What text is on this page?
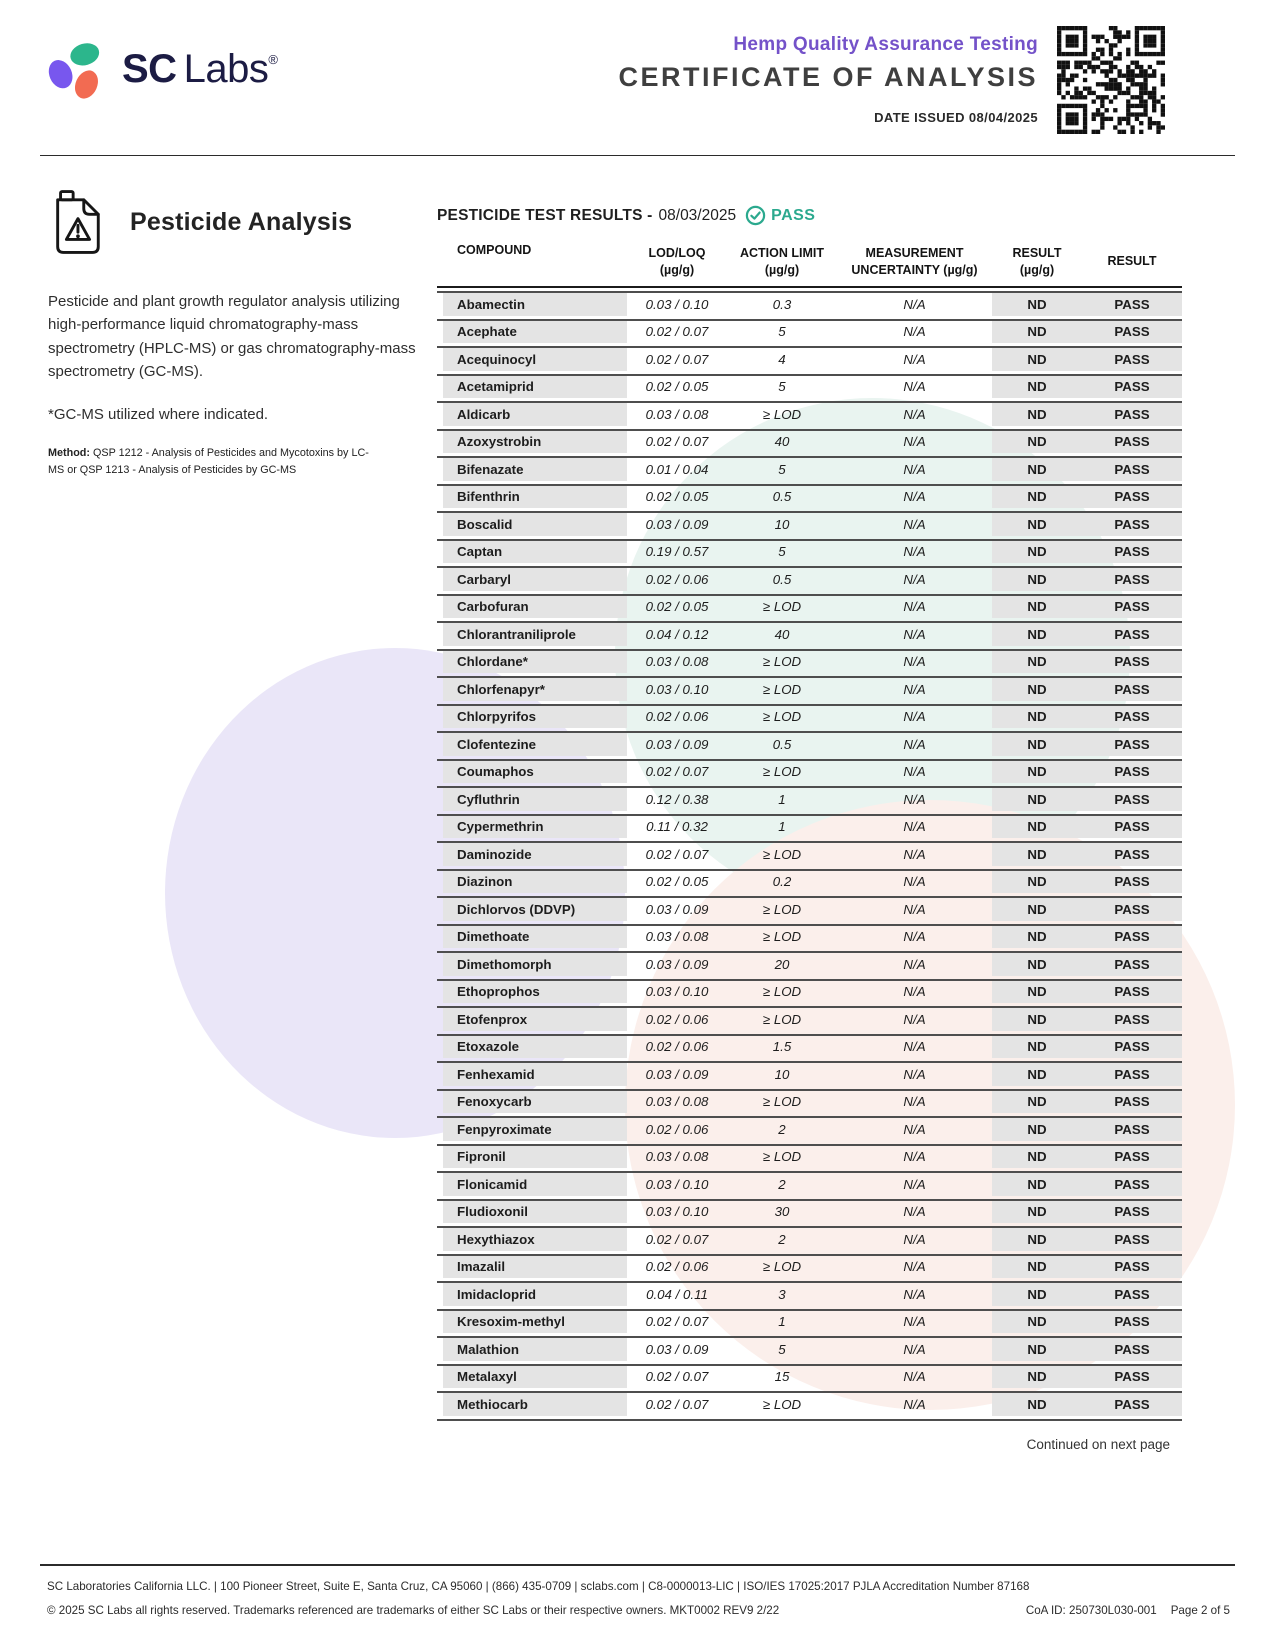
SC Labs®
Hemp Quality Assurance Testing
CERTIFICATE OF ANALYSIS
DATE ISSUED 08/04/2025
Pesticide Analysis

Pesticide and plant growth regulator analysis utilizing high-performance liquid chromatography-mass spectrometry (HPLC-MS) or gas chromatography-mass spectrometry (GC-MS).

*GC-MS utilized where indicated.

Method: QSP 1212 - Analysis of Pesticides and Mycotoxins by LC-MS or QSP 1213 - Analysis of Pesticides by GC-MS

PESTICIDE TEST RESULTS - 08/03/2025 PASS
COMPOUND	LOD/LOQ
(µg/g)
ACTION LIMIT
(µg/g)
MEASUREMENT
UNCERTAINTY (µg/g)
RESULT
(µg/g)
RESULT
Abamectin	0.03 / 0.10	0.3	N/A	ND	PASS
Acephate	0.02 / 0.07	5	N/A	ND	PASS
Acequinocyl	0.02 / 0.07	4	N/A	ND	PASS
Acetamiprid	0.02 / 0.05	5	N/A	ND	PASS
Aldicarb	0.03 / 0.08	≥ LOD	N/A	ND	PASS
Azoxystrobin	0.02 / 0.07	40	N/A	ND	PASS
Bifenazate	0.01 / 0.04	5	N/A	ND	PASS
Bifenthrin	0.02 / 0.05	0.5	N/A	ND	PASS
Boscalid	0.03 / 0.09	10	N/A	ND	PASS
Captan	0.19 / 0.57	5	N/A	ND	PASS
Carbaryl	0.02 / 0.06	0.5	N/A	ND	PASS
Carbofuran	0.02 / 0.05	≥ LOD	N/A	ND	PASS
Chlorantraniliprole	0.04 / 0.12	40	N/A	ND	PASS
Chlordane*	0.03 / 0.08	≥ LOD	N/A	ND	PASS
Chlorfenapyr*	0.03 / 0.10	≥ LOD	N/A	ND	PASS
Chlorpyrifos	0.02 / 0.06	≥ LOD	N/A	ND	PASS
Clofentezine	0.03 / 0.09	0.5	N/A	ND	PASS
Coumaphos	0.02 / 0.07	≥ LOD	N/A	ND	PASS
Cyfluthrin	0.12 / 0.38	1	N/A	ND	PASS
Cypermethrin	0.11 / 0.32	1	N/A	ND	PASS
Daminozide	0.02 / 0.07	≥ LOD	N/A	ND	PASS
Diazinon	0.02 / 0.05	0.2	N/A	ND	PASS
Dichlorvos (DDVP)	0.03 / 0.09	≥ LOD	N/A	ND	PASS
Dimethoate	0.03 / 0.08	≥ LOD	N/A	ND	PASS
Dimethomorph	0.03 / 0.09	20	N/A	ND	PASS
Ethoprophos	0.03 / 0.10	≥ LOD	N/A	ND	PASS
Etofenprox	0.02 / 0.06	≥ LOD	N/A	ND	PASS
Etoxazole	0.02 / 0.06	1.5	N/A	ND	PASS
Fenhexamid	0.03 / 0.09	10	N/A	ND	PASS
Fenoxycarb	0.03 / 0.08	≥ LOD	N/A	ND	PASS
Fenpyroximate	0.02 / 0.06	2	N/A	ND	PASS
Fipronil	0.03 / 0.08	≥ LOD	N/A	ND	PASS
Flonicamid	0.03 / 0.10	2	N/A	ND	PASS
Fludioxonil	0.03 / 0.10	30	N/A	ND	PASS
Hexythiazox	0.02 / 0.07	2	N/A	ND	PASS
Imazalil	0.02 / 0.06	≥ LOD	N/A	ND	PASS
Imidacloprid	0.04 / 0.11	3	N/A	ND	PASS
Kresoxim-methyl	0.02 / 0.07	1	N/A	ND	PASS
Malathion	0.03 / 0.09	5	N/A	ND	PASS
Metalaxyl	0.02 / 0.07	15	N/A	ND	PASS
Methiocarb	0.02 / 0.07	≥ LOD	N/A	ND	PASS
Continued on next page
SC Laboratories California LLC. | 100 Pioneer Street, Suite E, Santa Cruz, CA 95060 | (866) 435-0709 | sclabs.com | C8-0000013-LIC | ISO/IES 17025:2017 PJLA Accreditation Number 87168
© 2025 SC Labs all rights reserved. Trademarks referenced are trademarks of either SC Labs or their respective owners. MKT0002 REV9 2/22	CoA ID: 250730L030-001 Page 2 of 5
